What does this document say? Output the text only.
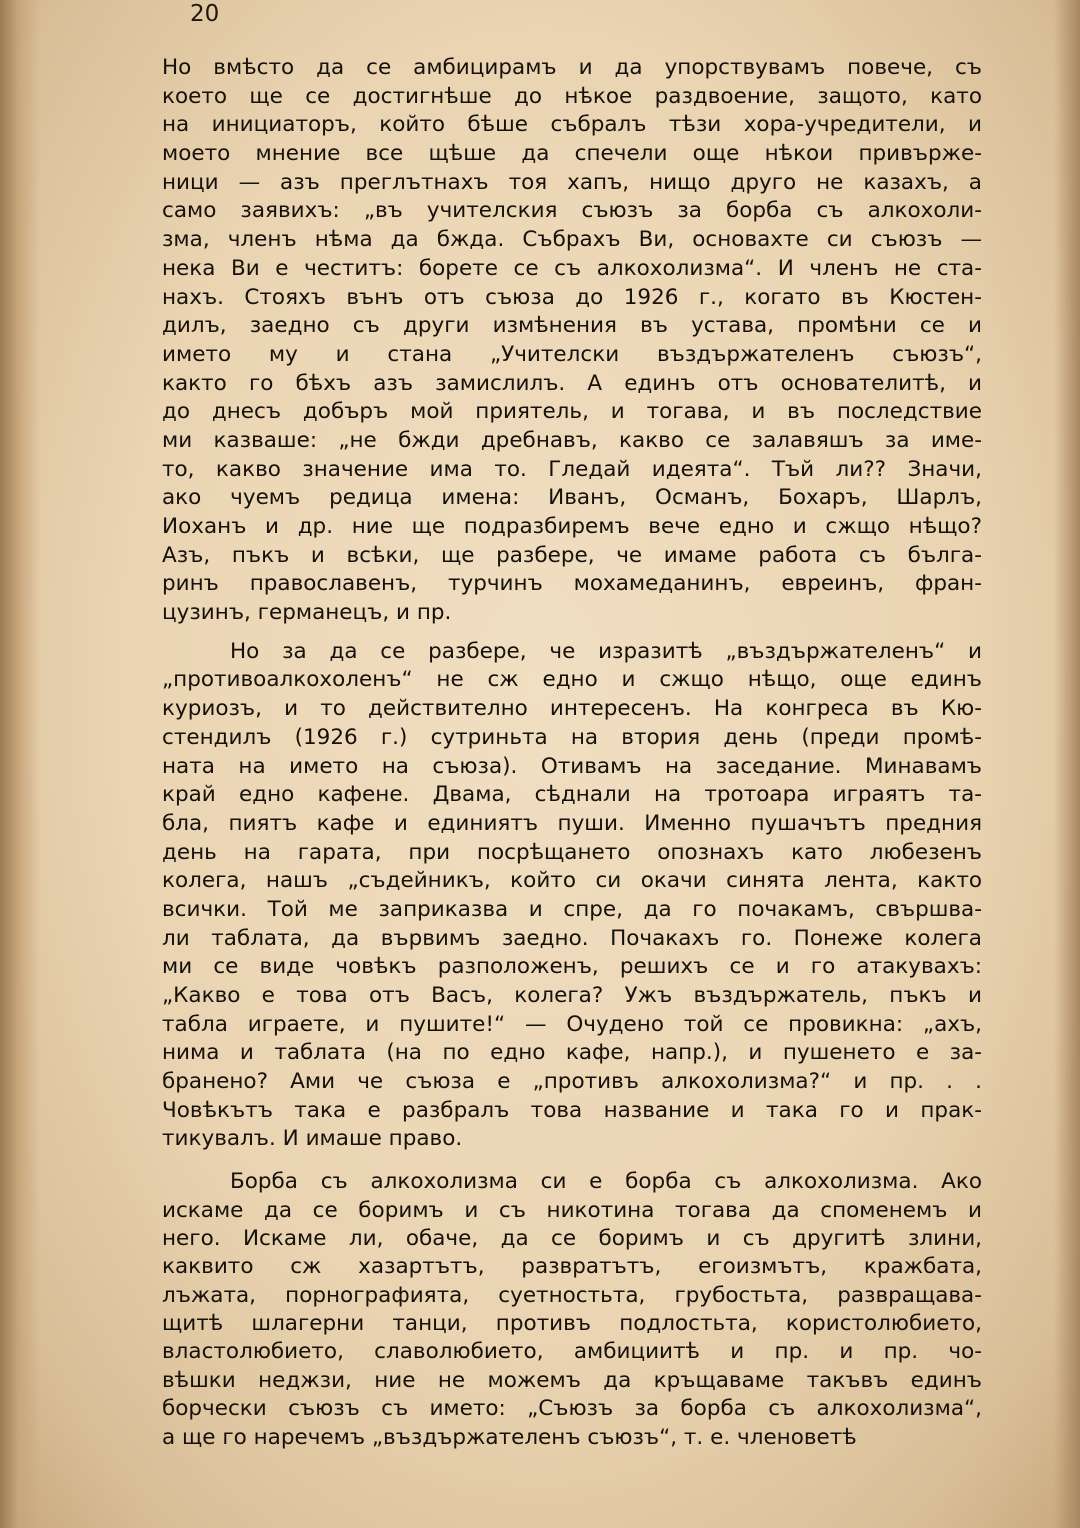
20
Но вмѣсто да се амбицирамъ и да упорствувамъ повече, съ
което ще се достигнѣше до нѣкое раздвоение, защото, като
на инициаторъ, който бѣше събралъ тѣзи хора-учредители, и
моето мнение все щѣше да спечели още нѣкои привърже-
ници — азъ преглътнахъ тоя хапъ, нищо друго не казахъ, а
само заявихъ: „въ учителския съюзъ за борба съ алкохоли-
зма, членъ нѣма да бжда. Събрахъ Ви, основахте си съюзъ —
нека Ви е честитъ: борете се съ алкохолизма“. И членъ не ста-
нахъ. Стояхъ вънъ отъ съюза до 1926 г., когато въ Кюстен-
дилъ, заедно съ други измѣнения въ устава, промѣни се и
името му и стана „Учителски въздържателенъ съюзъ“,
както го бѣхъ азъ замислилъ. А единъ отъ основателитѣ, и
до днесъ добъръ мой приятель, и тогава, и въ последствие
ми казваше: „не бжди дребнавъ, какво се залавяшъ за име-
то, какво значение има то. Гледай идеята“. Тъй ли?? Значи,
ако чуемъ редица имена: Иванъ, Османъ, Бохаръ, Шарлъ,
Иоханъ и др. ние ще подразбиремъ вече едно и сжщо нѣщо?
Азъ, пъкъ и всѣки, ще разбере, че имаме работа съ бълга-
ринъ православенъ, турчинъ мохамеданинъ, евреинъ, фран-
цузинъ, германецъ, и пр.
Но за да се разбере, че изразитѣ „въздържателенъ“ и
„противоалкохоленъ“ не сж едно и сжщо нѣщо, още единъ
куриозъ, и то действително интересенъ. На конгреса въ Кю-
стендилъ (1926 г.) сутриньта на втория день (преди промѣ-
ната на името на съюза). Отивамъ на заседание. Минавамъ
край едно кафене. Двама, сѣднали на тротоара играятъ та-
бла, пиятъ кафе и единиятъ пуши. Именно пушачътъ предния
день на гарата, при посрѣщането опознахъ като любезенъ
колега, нашъ „съдейникъ, който си окачи синята лента, както
всички. Той ме заприказва и спре, да го почакамъ, свършва-
ли таблата, да вървимъ заедно. Почакахъ го. Понеже колега
ми се виде човѣкъ разположенъ, решихъ се и го атакувахъ:
„Какво е това отъ Васъ, колега? Ужъ въздържатель, пъкъ и
табла играете, и пушите!“ — Очудено той се провикна: „ахъ,
нима и таблата (на по едно кафе, напр.), и пушенето е за-
бранено? Ами че съюза е „противъ алкохолизма?“ и пр. . .
Човѣкътъ така е разбралъ това название и така го и прак-
тикувалъ. И имаше право.
Борба съ алкохолизма си е борба съ алкохолизма. Ако
искаме да се боримъ и съ никотина тогава да споменемъ и
него. Искаме ли, обаче, да се боримъ и съ другитѣ злини,
каквито сж хазартътъ, развратътъ, егоизмътъ, кражбата,
лъжата, порнографията, суетностьта, грубостьта, развращава-
щитѣ шлагерни танци, противъ подлостьта, користолюбието,
властолюбието, славолюбието, амбициитѣ и пр. и пр. чо-
вѣшки неджзи, ние не можемъ да кръщаваме такъвъ единъ
борчески съюзъ съ името: „Съюзъ за борба съ алкохолизма“,
а ще го наречемъ „въздържателенъ съюзъ“, т. е. членоветѣ
